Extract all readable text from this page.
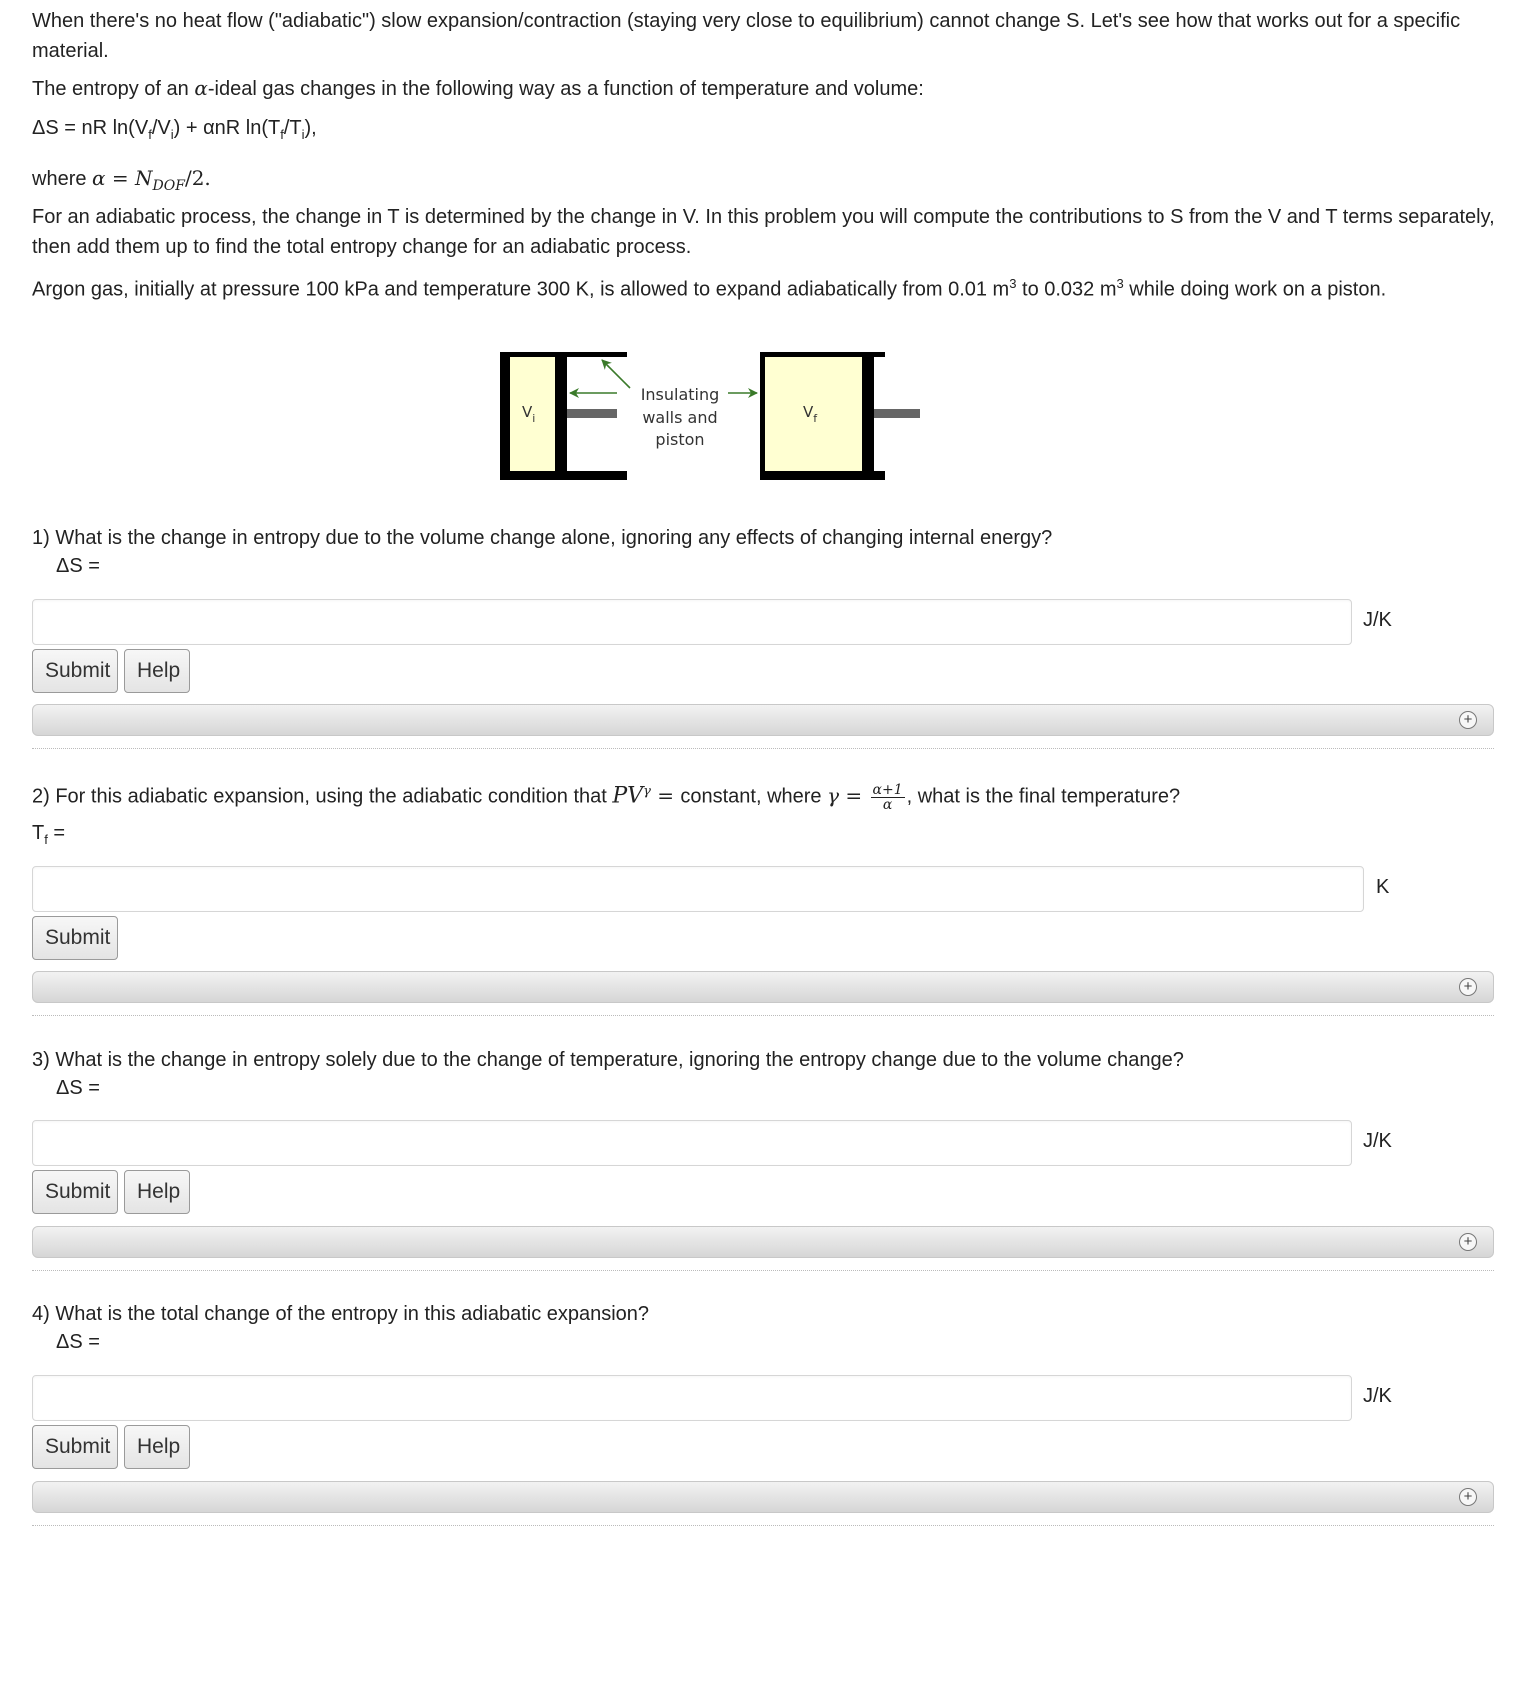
When there's no heat flow ("adiabatic") slow expansion/contraction (staying very close to equilibrium) cannot change S. Let's see how that works out for a specific material.
The entropy of an α-ideal gas changes in the following way as a function of temperature and volume:
ΔS = nR $\ln(V_f/V_i) + \alpha nR$ $\ln(T_f/T_i)$,
where $\alpha = N_{DOF}/2$.
For an adiabatic process, the change in T is determined by the change in V. In this problem you will compute the contributions to S from the V and T terms separately, then add them up to find the total entropy change for an adiabatic process.
Argon gas, initially at pressure 100 kPa and temperature 300 K, is allowed to expand adiabatically from 0.01 $m^3$ to 0.032 $m^3$ while doing work on a piston.
$V_i$	$V_f$
Insulating
walls and
piston
1) What is the change in entropy due to the volume change alone, ignoring any effects of changing internal energy?
ΔS =
J/K
Submit	Help
+
2) For this adiabatic expansion, using the adiabatic condition that $PV^\gamma$ = constant, where $\gamma = \frac{\alpha+1}{\alpha}$ , what is the final temperature?
$T_f$ =
K
Submit
+
3) What is the change in entropy solely due to the change of temperature, ignoring the entropy change due to the volume change?
ΔS =
J/K
Submit	Help
+
4) What is the total change of the entropy in this adiabatic expansion?
ΔS =
J/K
Submit	Help
+
